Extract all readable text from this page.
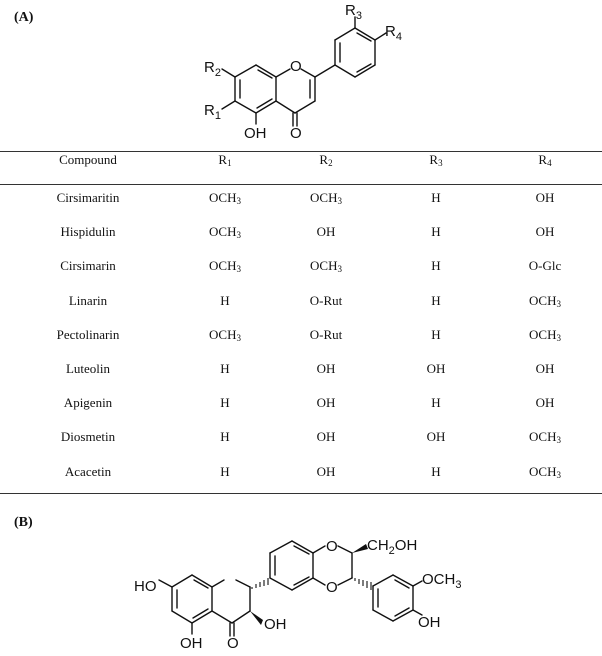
(A)
(B)
$R_2$
$R_1$
O
OH O
$R_3$
$R_4$
Compound	$R_1$	$R_2$	$R_3$	$R_4$
Cirsimaritin	$OCH_3$	$OCH_3$	H	OH
Hispidulin	$OCH_3$	OH	H	OH
Cirsimarin	$OCH_3$	$OCH_3$	H	O-Glc
Linarin	H	O-Rut	H	$OCH_3$
Pectolinarin	$OCH_3$	O-Rut	H	$OCH_3$
Luteolin	H	OH	OH	OH
Apigenin	H	OH	H	OH
Diosmetin	H	OH	OH	$OCH_3$
Acacetin	H	OH	H	$OCH_3$
HO
OH O
OH
O
O
$CH_2OH$
$OCH_3$
OH
